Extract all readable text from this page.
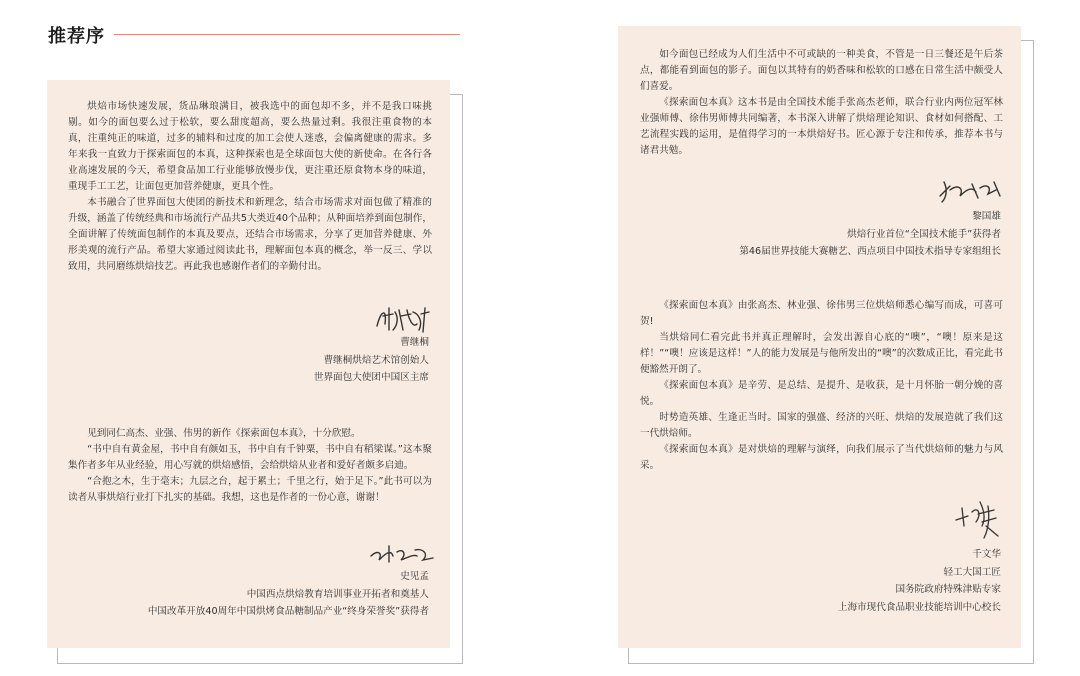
推荐序

烘焙市场快速发展，货品琳琅满目，被我选中的面包却不多，并不是我口味挑剔。如今的面包要么过于松软，要么甜度超高，要么热量过剩。我很注重食物的本真，注重纯正的味道，过多的辅料和过度的加工会使人迷惑，会偏离健康的需求。多年来我一直致力于探索面包的本真，这种探索也是全球面包大使的新使命。在各行各业高速发展的今天，希望食品加工行业能够放慢步伐，更注重还原食物本身的味道，重现手工工艺，让面包更加营养健康，更具个性。

本书融合了世界面包大使团的新技术和新理念，结合市场需求对面包做了精准的升级，涵盖了传统经典和市场流行产品共5大类近40个品种；从种面培养到面包制作，全面讲解了传统面包制作的本真及要点，还结合市场需求，分享了更加营养健康、外形美观的流行产品。希望大家通过阅读此书，理解面包本真的概念，举一反三、学以致用，共同磨练烘焙技艺。再此我也感谢作者们的辛勤付出。

曹继桐
曹继桐烘焙艺术馆创始人
世界面包大使团中国区主席

见到同仁高杰、业强、伟男的新作《探索面包本真》，十分欣慰。

“书中自有黄金屋，书中自有颜如玉，书中自有千钟粟，书中自有稻梁谋。”这本聚集作者多年从业经验，用心写就的烘焙感悟，会给烘焙从业者和爱好者颇多启迪。

“合抱之木，生于毫末；九层之台，起于累土；千里之行，始于足下。”此书可以为读者从事烘焙行业打下扎实的基础。我想，这也是作者的一份心意，谢谢！

史见孟
中国西点烘焙教育培训事业开拓者和奠基人
中国改革开放40周年中国烘烤食品糖制品产业“终身荣誉奖”获得者

如今面包已经成为人们生活中不可或缺的一种美食，不管是一日三餐还是午后茶点，都能看到面包的影子。面包以其特有的奶香味和松软的口感在日常生活中颇受人们喜爱。

《探索面包本真》这本书是由全国技术能手张高杰老师，联合行业内两位冠军林业强师傅、徐伟男师傅共同编著，本书深入讲解了烘焙理论知识、食材如何搭配、工艺流程实践的运用，是值得学习的一本烘焙好书。匠心源于专注和传承，推荐本书与诸君共勉。

黎国雄
烘焙行业首位“全国技术能手”获得者
第46届世界技能大赛糖艺、西点项目中国技术指导专家组组长

《探索面包本真》由张高杰、林业强、徐伟男三位烘焙师悉心编写而成，可喜可贺!

当烘焙同仁看完此书并真正理解时，会发出源自心底的“噢”，“噢！原来是这样！”“噢！应该是这样！”人的能力发展是与他所发出的“噢”的次数成正比，看完此书便豁然开朗了。

《探索面包本真》是辛劳、是总结、是提升、是收获，是十月怀胎一朝分娩的喜悦。

时势造英雄、生逢正当时。国家的强盛、经济的兴旺、烘焙的发展造就了我们这一代烘焙师。

《探索面包本真》是对烘焙的理解与演绎，向我们展示了当代烘焙师的魅力与风采。

千文华
轻工大国工匠
国务院政府特殊津贴专家
上海市现代食品职业技能培训中心校长
